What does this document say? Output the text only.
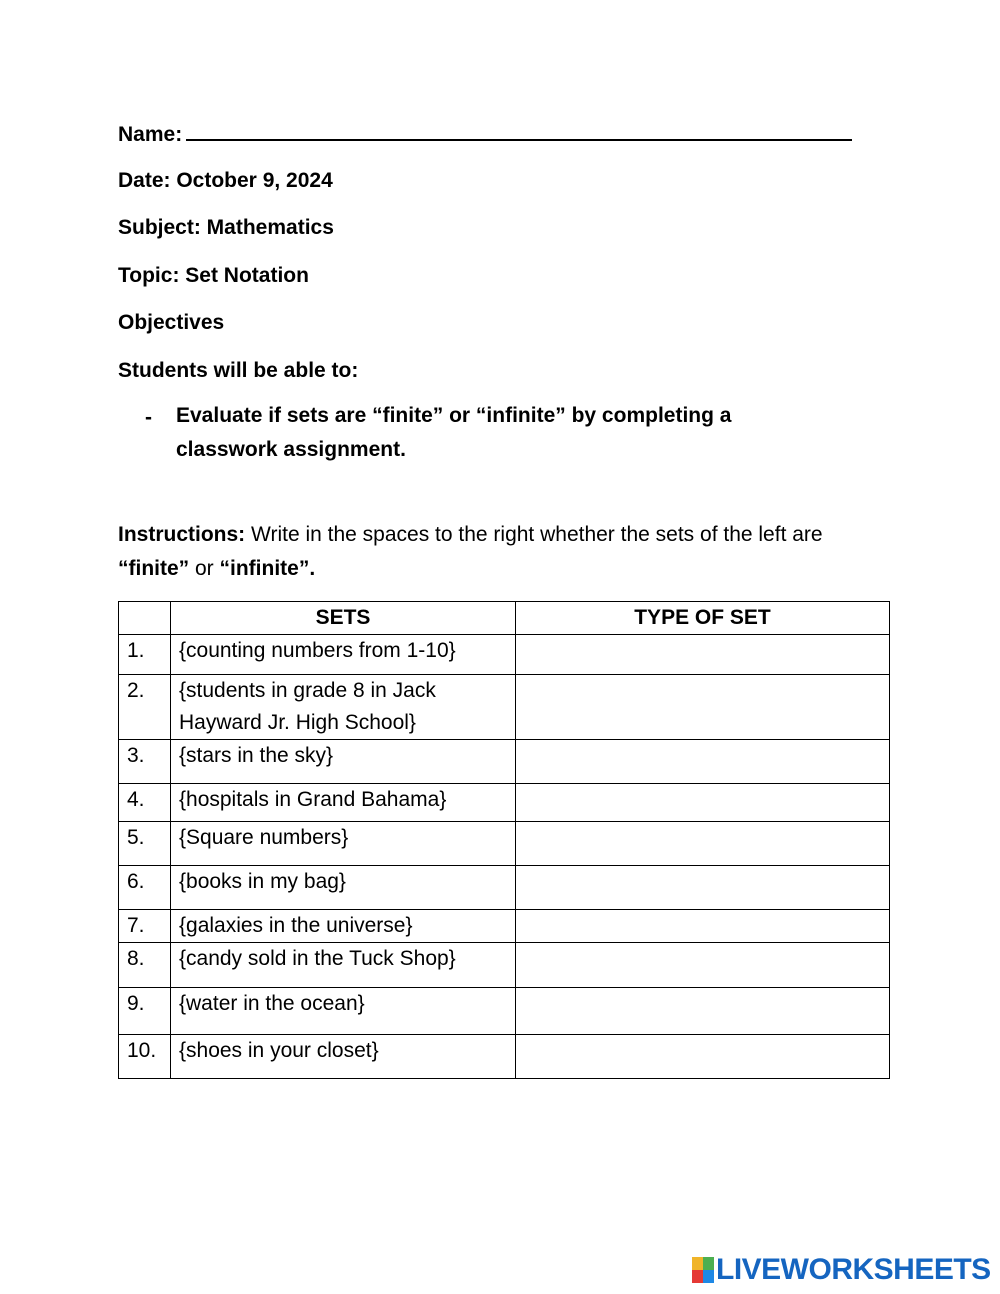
Name:
Date: October 9, 2024
Subject: Mathematics
Topic: Set Notation
Objectives
Students will be able to:
- Evaluate if sets are “finite” or “infinite” by completing a classwork assignment.
Instructions: Write in the spaces to the right whether the sets of the left are “finite” or “infinite”.
	SETS	TYPE OF SET
1.	{counting numbers from 1-10}	
2.	{students in grade 8 in Jack Hayward Jr. High School}	
3.	{stars in the sky}	
4.	{hospitals in Grand Bahama}	
5.	{Square numbers}	
6.	{books in my bag}	
7.	{galaxies in the universe}	
8.	{candy sold in the Tuck Shop}	
9.	{water in the ocean}	
10.	{shoes in your closet}	
LIVEWORKSHEETS
